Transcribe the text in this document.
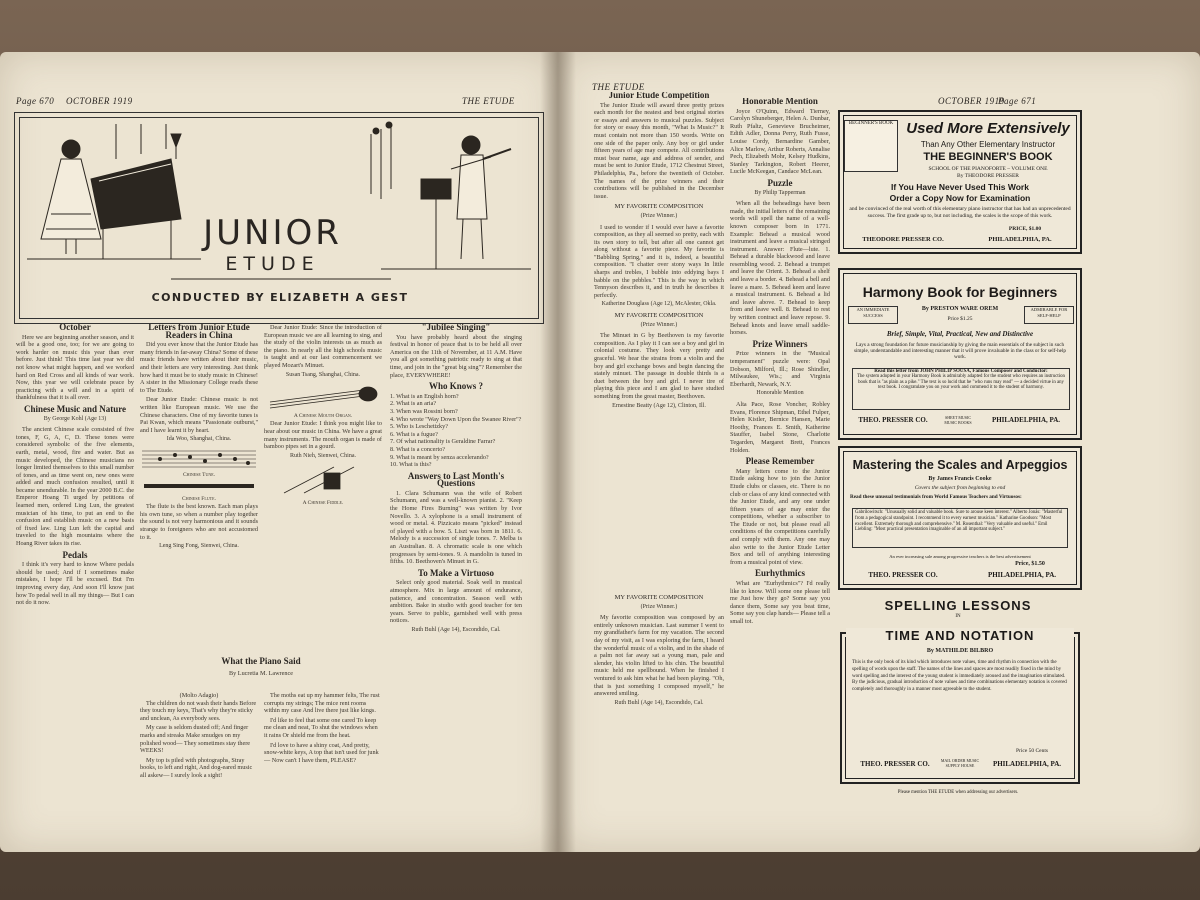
Page 670 OCTOBER 1919	THE ETUDE
JUNIOR
ETUDE
CONDUCTED BY ELIZABETH A GEST
October

Here we are beginning another season, and it will be a good one, too; for we are going to work harder on music this year than ever before. Just think! This time last year we did not know what might happen, and we worked hard on Red Cross and all kinds of war work. Now, this year we will celebrate peace by practicing with a will and in a spirit of thankfulness that it is all over.

Chinese Music and Nature
By George Kohl (Age 13)

The ancient Chinese scale consisted of five tones, F, G, A, C, D. These tones were considered symbolic of the five elements, earth, metal, wood, fire and water. But as music developed, the Chinese musicians no longer limited themselves to this small number of tones, and as time went on, new ones were added and much confusion resulted, until it became unendurable. In the year 2000 B.C. the Emperor Hoang Ti urged by petitions of learned men, ordered Ling Lun, the greatest musician of his time, to put an end to the confusion and establish music on a new basis of fixed law. Ling Lun left the capital and traveled to the high mountains where the Hoang River takes its rise.

Pedals

I think it's very hard to know Where pedals should be used; And if I sometimes make mistakes, I hope I'll be excused. But I'm improving every day, And soon I'll know just how To pedal well in all my things— But I can not do it now.

Letters from Junior Etude Readers in China

Did you ever know that the Junior Etude has many friends in far-away China? Some of these music friends have written about their music, and their letters are very interesting. Just think how hard it must be to study music in Chinese! A sister in the Missionary College reads these to The Etude.

Dear Junior Etude: Chinese music is not written like European music. We use the Chinese characters. One of my favorite tunes is Pai Kwan, which means "Passionate outburst," and I have learnt it by heart.

Ida Woo, Shanghai, China.
Chinese Tune.
Chinese Flute.

The flute is the best known. Each man plays his own tune, so when a number play together the sound is not very harmonious and it sounds strange to foreigners who are not accustomed to it.

Leng Sing Fong, Sienwei, China.

Dear Junior Etude: Since the introduction of European music we are all learning to sing, and the study of the violin interests us as much as the piano. In nearly all the high schools music is taught and at our last commencement we played Mozart's Minuet.

Susan Tsang, Shanghai, China.
A Chinese Mouth Organ.

Dear Junior Etude: I think you might like to hear about our music in China. We have a great many instruments. The mouth organ is made of bamboo pipes set in a gourd.

Ruth Nieh, Sienwei, China.
A Chinese Fiddle.
"Jubilee Singing"

You have probably heard about the singing festival in honor of peace that is to be held all over America on the 11th of November, at 11 A.M. Have you all got something patriotic ready to sing at that time, and join in the "great big sing"? Remember the place, EVERYWHERE!

Who Knows ?
1. What is an English horn?
2. What is an aria?
3. When was Rossini born?
4. Who wrote "Way Down Upon the Swanee River"?
5. Who is Leschetizky?
6. What is a fugue?
7. Of what nationality is Geraldine Farrar?
8. What is a concerto?
9. What is meant by senza accelerando?
10. What is this?
Answers to Last Month's Questions

1. Clara Schumann was the wife of Robert Schumann, and was a well-known pianist. 2. "Keep the Home Fires Burning" was written by Ivor Novello. 3. A xylophone is a small instrument of wood or metal. 4. Pizzicato means "picked" instead of played with a bow. 5. Liszt was born in 1811. 6. Melody is a succession of single tones. 7. Melba is an Australian. 8. A chromatic scale is one which progresses by semi-tones. 9. A mandolin is tuned in fifths. 10. Beethoven's Minuet in G.

To Make a Virtuoso

Select only good material. Soak well in musical atmosphere. Mix in large amount of endurance, patience, and concentration. Season well with ambition. Bake in studio with good teacher for ten years. Serve to public, garnished well with press notices.

Ruth Buhl (Age 14), Escondido, Cal.
What the Piano Said
By Lucretia M. Lawrence
(Molto Adagio)

The children do not wash their hands Before they touch my keys, That's why they're sticky and unclean, As everybody sees.

My case is seldom dusted off; And finger marks and streaks Make smudges on my polished wood— They sometimes stay there WEEKS!

My top is piled with photographs, Stray books, to left and right, And dog-eared music all askew— I surely look a sight!

The moths eat up my hammer felts, The rust corrupts my strings; The mice rent rooms within my case And live there just like kings.

I'd like to feel that some one cared To keep me clean and neat, To shut the windows when it rains Or shield me from the heat.

I'd love to have a shiny coat, And pretty, snow-white keys, A top that isn't used for junk— Now can't I have them, PLEASE?

THE ETUDE
OCTOBER 1919
Page 671
Junior Etude Competition

The Junior Etude will award three pretty prizes each month for the neatest and best original stories or essays and answers to musical puzzles. Subject for story or essay this month, "What Is Music?" It must contain not more than 150 words. Write on one side of the paper only. Any boy or girl under fifteen years of age may compete. All contributions must bear name, age and address of sender, and must be sent to Junior Etude, 1712 Chestnut Street, Philadelphia, Pa., before the twentieth of October. The names of the prize winners and their contributions will be published in the December issue.

MY FAVORITE COMPOSITION
(Prize Winner.)

I used to wonder if I would ever have a favorite composition, as they all seemed so pretty, each with its own story to tell, but after all one cannot get along without a favorite piece. My favorite is "Babbling Spring," and it is, indeed, a beautiful composition. "I chatter over stony ways In little sharps and trebles, I bubble into eddying bays I babble on the pebbles." This is the way in which Tennyson describes it, and in truth he describes it perfectly.

Katherine Douglass (Age 12), McAlester, Okla.
MY FAVORITE COMPOSITION
(Prize Winner.)

The Minuet in G by Beethoven is my favorite composition. As I play it I can see a boy and girl in colonial costume. They look very pretty and graceful. We hear the strains from a violin and the boy and girl exchange bows and begin dancing the stately minuet. The passage in double thirds is a duet between the boy and girl. I never tire of playing this piece and I am glad to have studied something from the great master, Beethoven.

Ernestine Beatty (Age 12), Clinton, Ill.
MY FAVORITE COMPOSITION
(Prize Winner.)

My favorite composition was composed by an entirely unknown musician. Last summer I went to my grandfather's farm for my vacation. The second day of my visit, as I was exploring the farm, I heard the wonderful music of a violin, and in the shade of a palm not far away sat a young man, pale and slender, his violin lifted to his chin. The beautiful music held me spellbound. When he finished I ventured to ask him what he had been playing. "Oh, that is just something I composed myself," he answered smiling.

Ruth Buhl (Age 14), Escondido, Cal.
Honorable Mention

Joyce O'Quinn, Edward Tierney, Carolyn Shuneberger, Helen A. Dunbar, Ruth Pfaltz, Genevieve Brucheimer, Edith Adler, Donna Perry, Ruth Fusse, Louise Cordy, Bernardine Gamber, Alice Marlow, Arthur Roberts, Annalise Pech, Elizabeth Mohr, Kelsey Hudkins, Stanley Tarkington, Robert Heerer, Lucile McKeegan, Candace McLean.

Puzzle
By Philip Tapperman

When all the beheadings have been made, the initial letters of the remaining words will spell the name of a well-known composer born in 1771. Example: Behead a musical wood instrument and leave a musical stringed instrument. Answer: Flute—lute. 1. Behead a durable blackwood and leave resembling wood. 2. Behead a trumpet and leave the Orient. 3. Behead a shelf and leave a border. 4. Behead a bell and leave a mare. 5. Behead keen and leave a musical instrument. 6. Behead a lid and leave above. 7. Behead to keep from and leave well. 8. Behead to rest by written contract and leave repose. 9. Behead knots and leave small saddle-horses.

Prize Winners

Prize winners in the "Musical temperament" puzzle were: Opal Dobson, Milford, Ill.; Rose Shindler, Milwaukee, Wis.; and Virginia Eberhardt, Newark, N.Y.

Honorable Mention

Alta Pace, Rose Voncher, Robley Evans, Florence Shipman, Ethel Fulper, Helen Kistler, Bernice Hansen, Marie Hoothy, Frances E. Smith, Katherine Stauffer, Isabel Stone, Charlotte Tegarden, Margaret Brett, Frances Holden.

Please Remember

Many letters come to the Junior Etude asking how to join the Junior Etude clubs or classes, etc. There is no club or class of any kind connected with the Junior Etude, and any one under fifteen years of age may enter the competitions, whether a subscriber to The Etude or not, but please read all conditions of the competitions carefully and comply with them. Any one may also write to the Junior Etude Letter Box and tell of anything interesting from a musical point of view.

Eurhythmics

What are "Eurhythmics"? I'd really like to know. Will some one please tell me Just how they go? Some say you dance them, Some say you beat time, Some say you clap hands— Please tell a small tot.

BEGINNER'S BOOK Used More Extensively
Than Any Other Elementary Instructor
THE BEGINNER'S BOOK
SCHOOL OF THE PIANOFORTE – VOLUME ONE
By THEODORE PRESSER
If You Have Never Used This Work
Order a Copy Now for Examination
and be convinced of the real worth of this elementary piano instructor that has had an unprecedented success. The first grade up to, but not including, the scales is the scope of this work.
PRICE, $1.00
THEODORE PRESSER CO.	PHILADELPHIA, PA.
Harmony Book for Beginners
AN IMMEDIATE SUCCESS
By PRESTON WARE OREM
Price $1.25
ADMIRABLE FOR SELF-HELP
Brief, Simple, Vital, Practical, New and Distinctive
Lays a strong foundation for future musicianship by giving the main essentials of the subject in such simple, understandable and interesting manner that it will prove invaluable in the class or for self-help work.
Read this letter from JOHN PHILIP SOUSA, Famous Composer and Conductor:
The system adopted in your Harmony Book is admirably adapted for the student who requires an instruction book that is "as plain as a pike." The text is so lucid that he "who runs may read" — a decided virtue in any text book. I congratulate you on your work and commend it to the student of harmony.
THEO. PRESSER CO.	SHEET MUSIC MUSIC BOOKS	PHILADELPHIA, PA.
Mastering the Scales and Arpeggios
By James Francis Cooke
Covers the subject from beginning to end
Read these unusual testimonials from World Famous Teachers and Virtuosos:
Gabrilowitsch: "Unusually solid and valuable book. Sure to arouse keen interest." Alberto Jonás: "Masterful from a pedagogical standpoint. I recommend it to every earnest musician." Katharine Goodson: "Most excellent. Extremely thorough and comprehensive." M. Rosenthal: "Very valuable and useful." Emil Liebling: "Most practical presentation imaginable of an all important subject."
An ever increasing sale among progressive teachers is the best advertisement
Price, $1.50
THEO. PRESSER CO.	PHILADELPHIA, PA.
SPELLING LESSONS
IN
TIME AND NOTATION
By MATHILDE BILBRO
This is the only book of its kind which introduces note values, time and rhythm in connection with the spelling of words upon the staff. The names of the lines and spaces are most readily fixed in the mind by word spelling and the interest of the young student is immediately aroused and the imagination stimulated. By the judicious, gradual introduction of note values and time combinations elementary notation is covered completely and thoroughly in a manner most agreeable to the student.
Price 50 Cents
THEO. PRESSER CO.	MAIL ORDER MUSIC SUPPLY HOUSE	PHILADELPHIA, PA.
Please mention THE ETUDE when addressing our advertisers.
